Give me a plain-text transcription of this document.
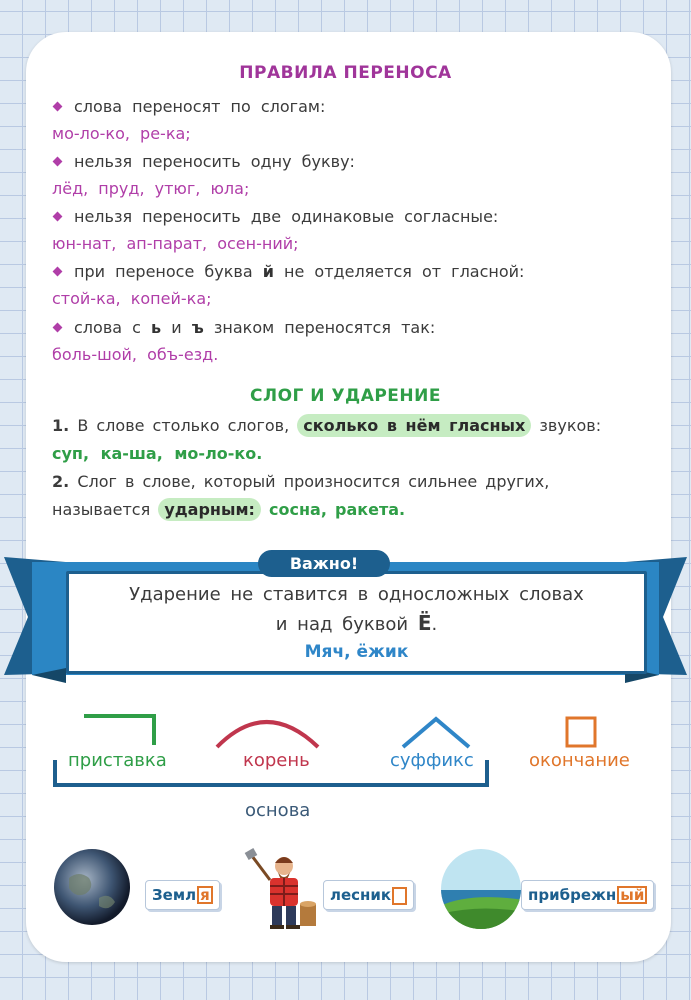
ПРАВИЛА ПЕРЕНОСА
слова переносят по слогам:
мо-ло-ко, ре-ка;
нельзя переносить одну букву:
лёд, пруд, утюг, юла;
нельзя переносить две одинаковые согласные:
юн-нат, ап-парат, осен-ний;
при переносе буква й не отделяется от гласной:
стой-ка, копей-ка;
слова с ь и ъ знаком переносятся так:
боль-шой, объ-езд.
СЛОГ И УДАРЕНИЕ
1. В слове столько слогов, сколько в нём гласных звуков:
суп, ка-ша, мо-ло-ко.
2. Слог в слове, который произносится сильнее других,
называется ударным: сосна, ракета.
Ударение не ставится в односложных словах
и над буквой Ё.
Мяч, ёжик
Важно!
приставка	корень	суффикс	окончание
основа
Земл я	лесник	прибрежн ый
